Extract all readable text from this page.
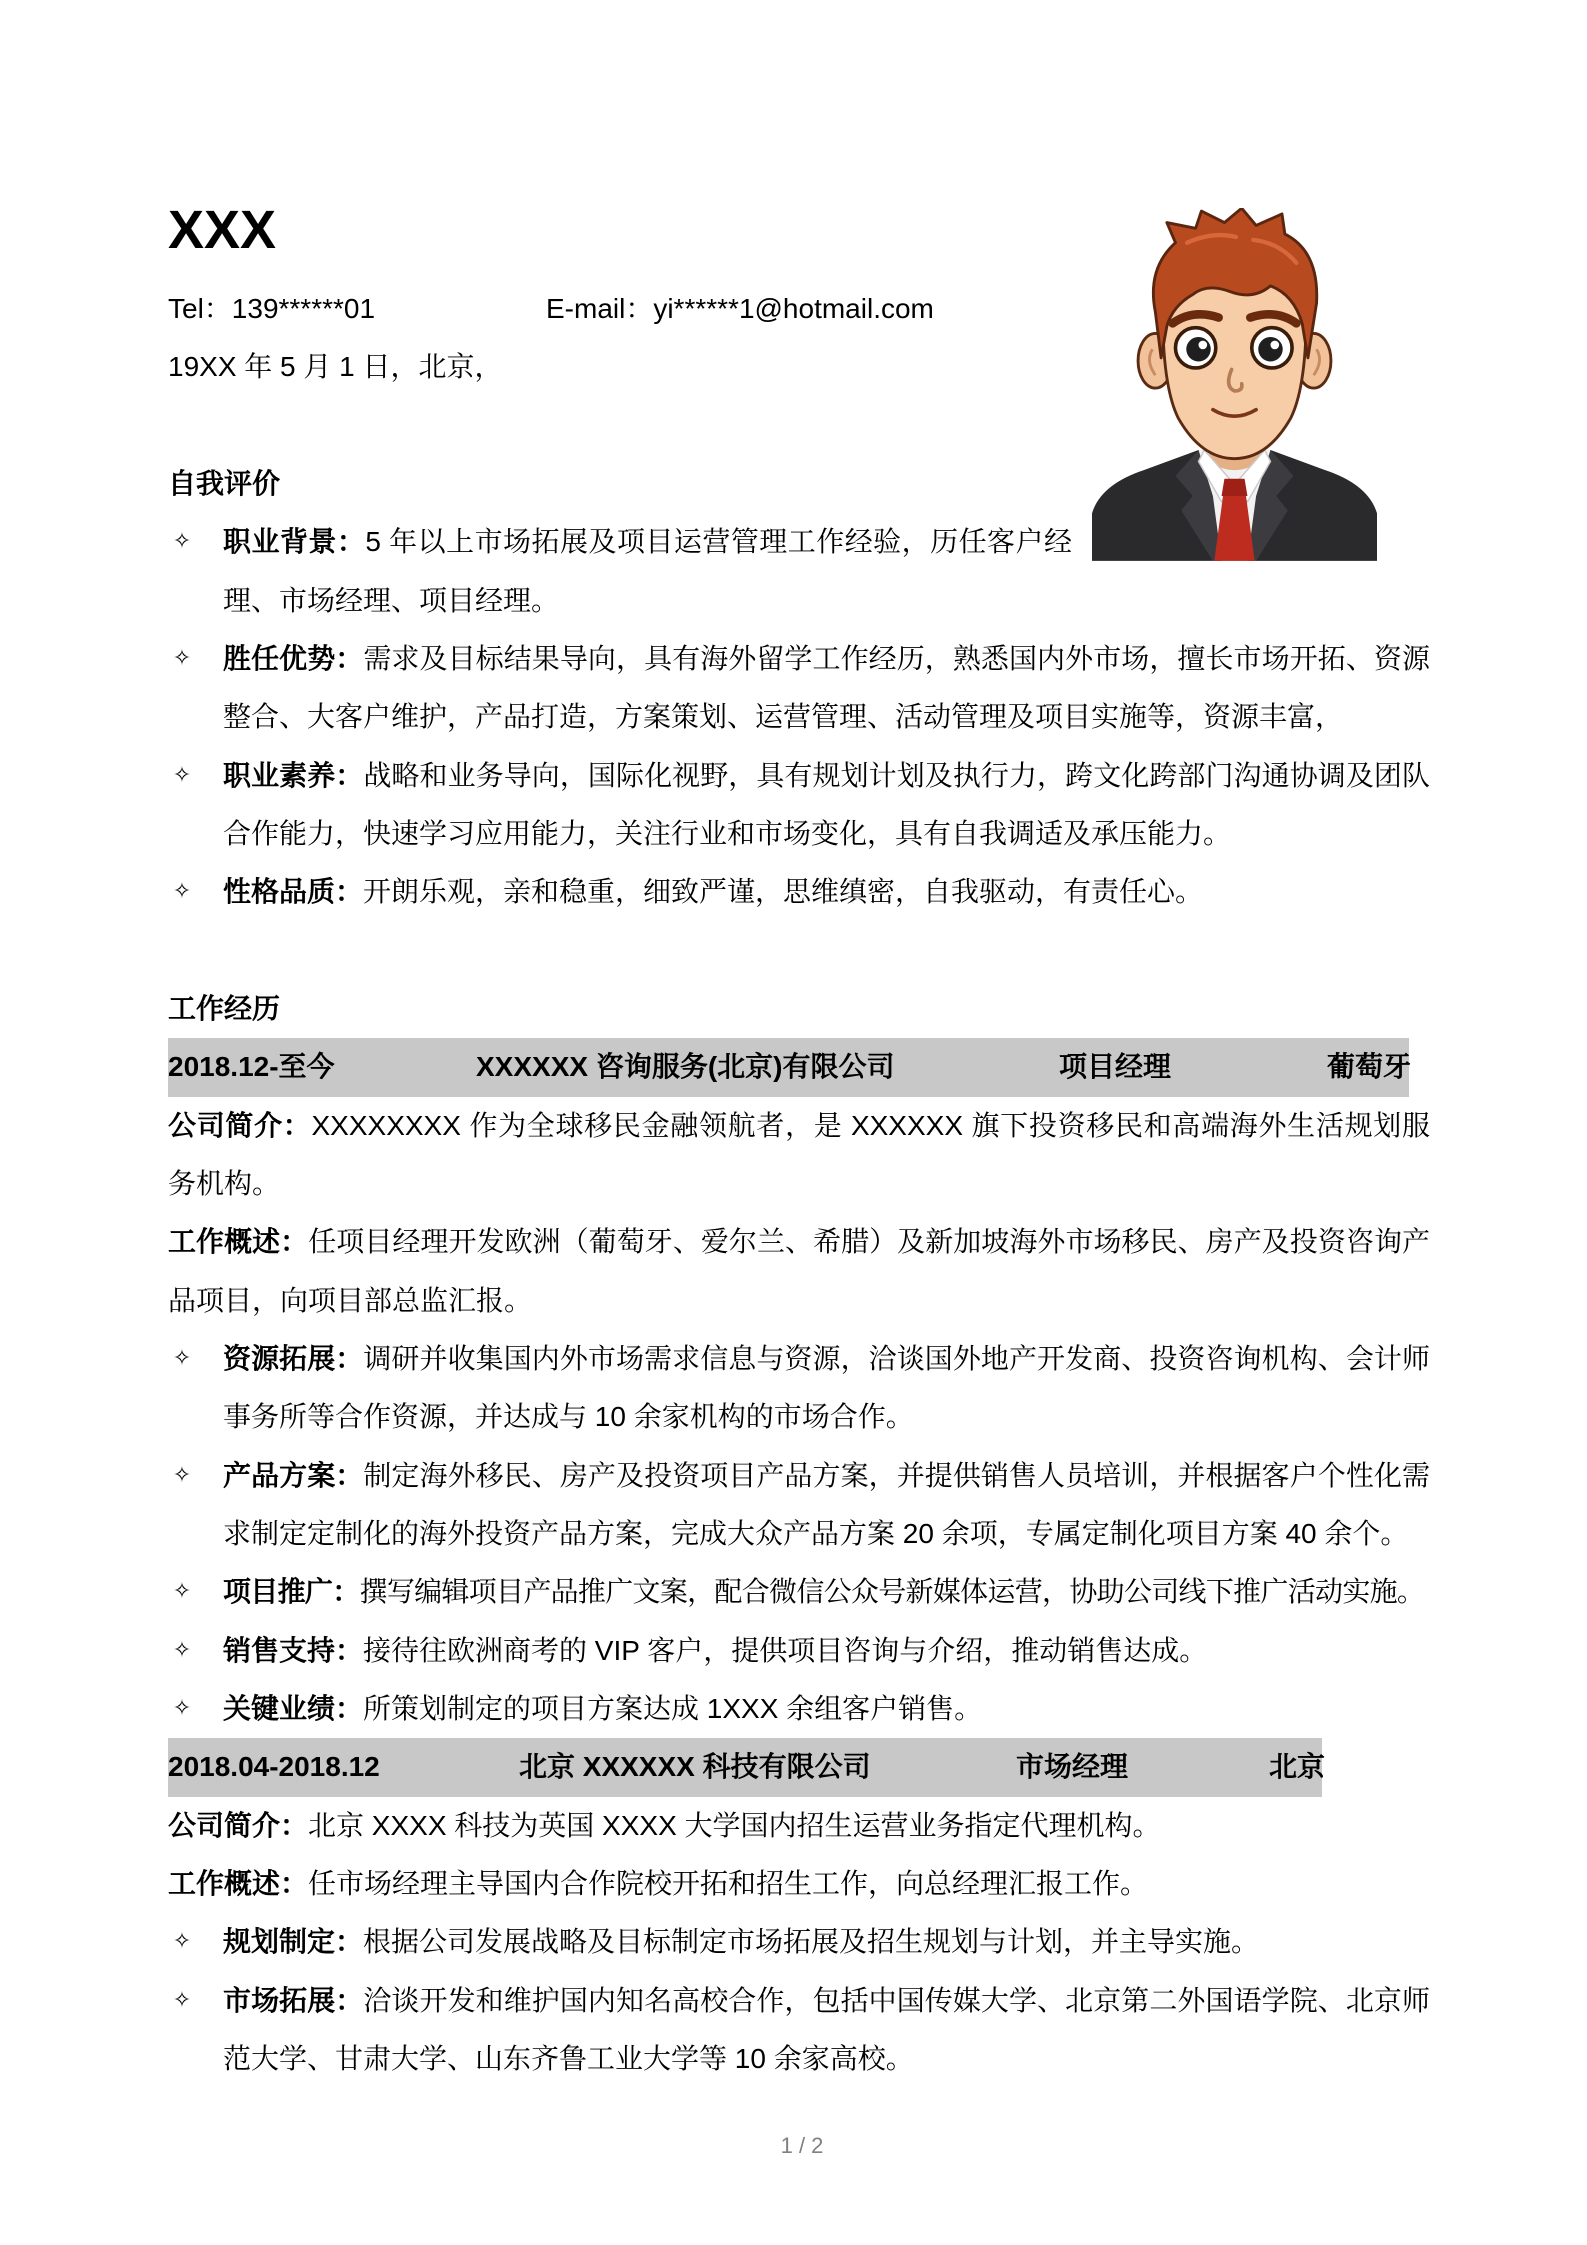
XXX
Tel：139******01	E-mail：yi******1@hotmail.com
19XX 年 5 月 1 日，北京，
自我评价
✧ 职业背景：5 年以上市场拓展及项目运营管理工作经验，历任客户经理、市场经理、项目经理。
✧ 胜任优势：需求及目标结果导向，具有海外留学工作经历，熟悉国内外市场，擅长市场开拓、资源整合、大客户维护，产品打造，方案策划、运营管理、活动管理及项目实施等，资源丰富，
✧ 职业素养：战略和业务导向，国际化视野，具有规划计划及执行力，跨文化跨部门沟通协调及团队合作能力，快速学习应用能力，关注行业和市场变化，具有自我调适及承压能力。
✧ 性格品质：开朗乐观，亲和稳重，细致严谨，思维缜密，自我驱动，有责任心。
工作经历
2018.12-至今	XXXXXX 咨询服务(北京)有限公司	项目经理	葡萄牙
公司简介：XXXXXXXX 作为全球移民金融领航者，是 XXXXXX 旗下投资移民和高端海外生活规划服务机构。
工作概述：任项目经理开发欧洲（葡萄牙、爱尔兰、希腊）及新加坡海外市场移民、房产及投资咨询产品项目，向项目部总监汇报。
✧ 资源拓展：调研并收集国内外市场需求信息与资源，洽谈国外地产开发商、投资咨询机构、会计师事务所等合作资源，并达成与 10 余家机构的市场合作。
✧ 产品方案：制定海外移民、房产及投资项目产品方案，并提供销售人员培训，并根据客户个性化需求制定定制化的海外投资产品方案，完成大众产品方案 20 余项，专属定制化项目方案 40 余个。
✧ 项目推广：撰写编辑项目产品推广文案，配合微信公众号新媒体运营，协助公司线下推广活动实施。
✧ 销售支持：接待往欧洲商考的 VIP 客户，提供项目咨询与介绍，推动销售达成。
✧ 关键业绩：所策划制定的项目方案达成 1XXX 余组客户销售。
2018.04-2018.12	北京 XXXXXX 科技有限公司	市场经理	北京
公司简介：北京 XXXX 科技为英国 XXXX 大学国内招生运营业务指定代理机构。
工作概述：任市场经理主导国内合作院校开拓和招生工作，向总经理汇报工作。
✧ 规划制定：根据公司发展战略及目标制定市场拓展及招生规划与计划，并主导实施。
✧ 市场拓展：洽谈开发和维护国内知名高校合作，包括中国传媒大学、北京第二外国语学院、北京师范大学、甘肃大学、山东齐鲁工业大学等 10 余家高校。
1 / 2
